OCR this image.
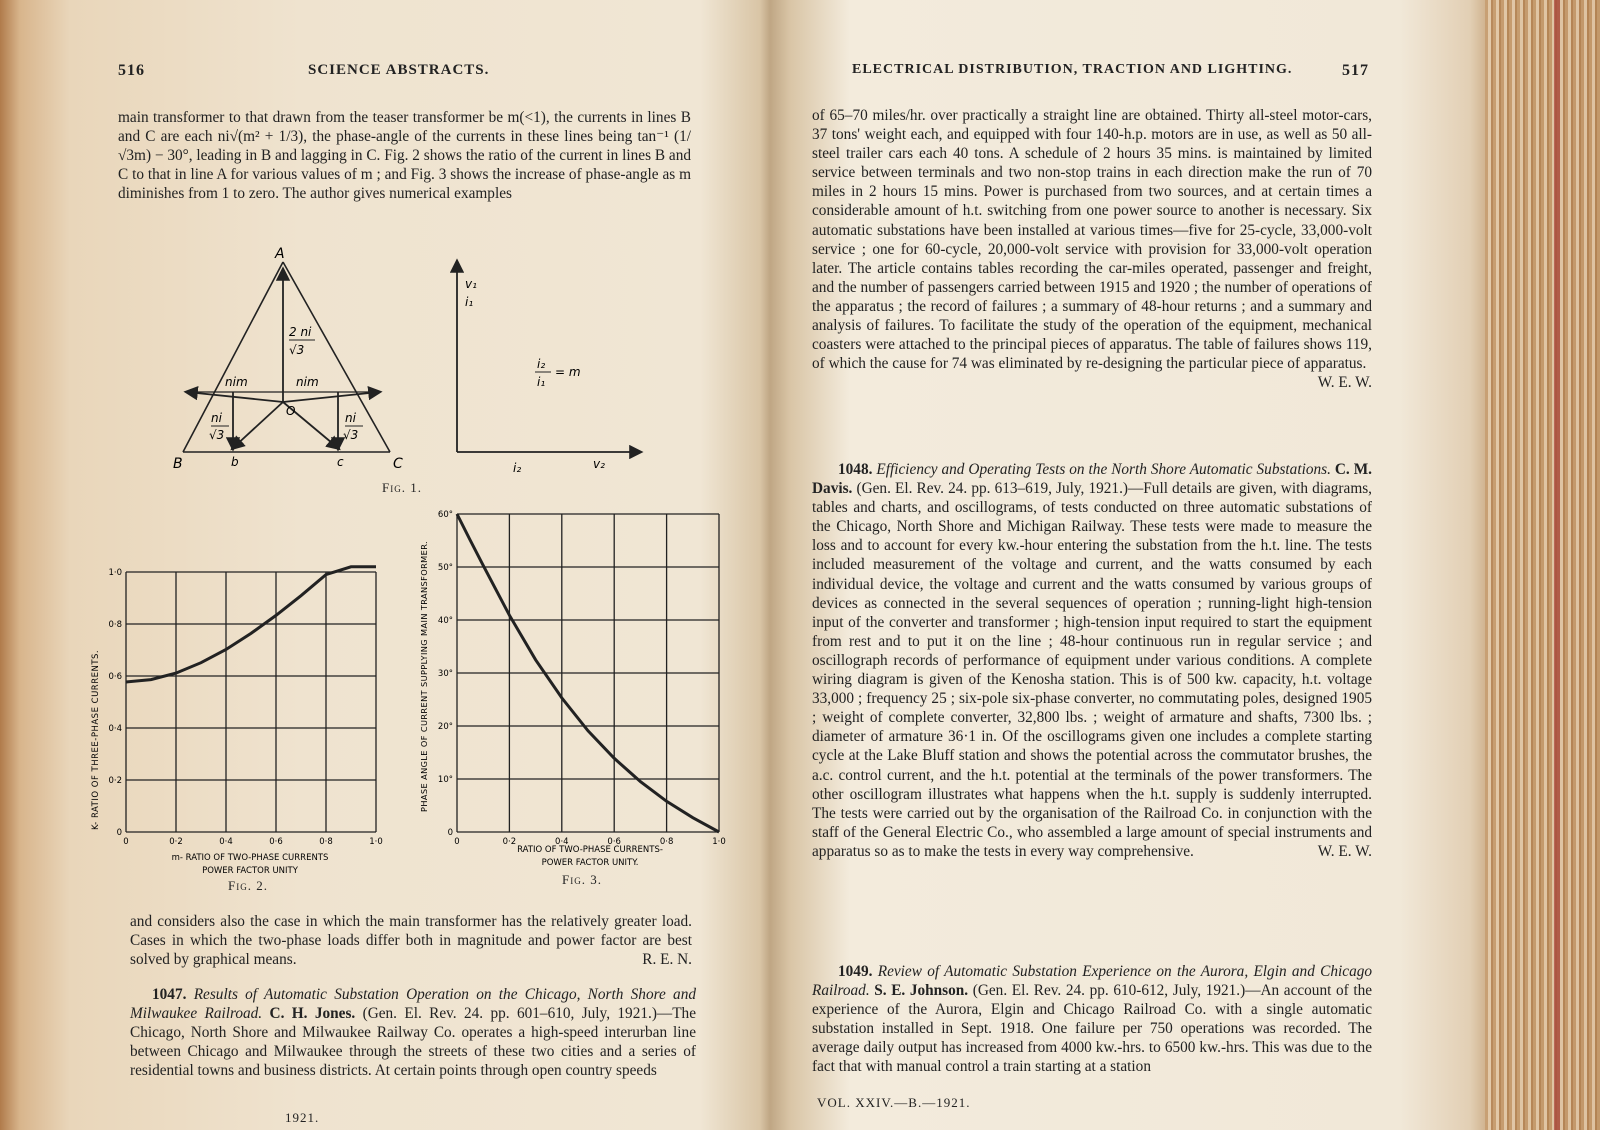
516	SCIENCE ABSTRACTS.

main transformer to that drawn from the teaser transformer be m(<1), the currents in lines B and C are each ni√(m² + 1/3), the phase-angle of the currents in these lines being tan⁻¹ (1/√3m) − 30°, leading in B and lagging in C. Fig. 2 shows the ratio of the current in lines B and C to that in line A for various values of m ; and Fig. 3 shows the increase of phase-angle as m diminishes from 1 to zero. The author gives numerical examples

A
B	C
b	c
O
2 ni
√3
nim	nim
ni
√3
ni
√3
v₁
i₁
i₂	v₂
i₂
i₁
= m
Fig. 1.
0	0·2	0·4	0·6	0·8	1·0
0
0·2
0·4
0·6
0·8
1·0
K- RATIO OF THREE-PHASE CURRENTS.
m- RATIO OF TWO-PHASE CURRENTS
POWER FACTOR UNITY
Fig. 2.
0	0·2	0·4	0·6	0·8	1·0
0
10°
20°
30°
40°
50°
60°
PHASE ANGLE OF CURRENT SUPPLYING MAIN TRANSFORMER.
RATIO OF TWO-PHASE CURRENTS-
POWER FACTOR UNITY.
Fig. 3.

and considers also the case in which the main transformer has the relatively greater load. Cases in which the two-phase loads differ both in magnitude and power factor are best solved by graphical means.	R. E. N.

1047. Results of Automatic Substation Operation on the Chicago, North Shore and Milwaukee Railroad. C. H. Jones. (Gen. El. Rev. 24. pp. 601–610, July, 1921.)—The Chicago, North Shore and Milwaukee Railway Co. operates a high-speed interurban line between Chicago and Milwaukee through the streets of these two cities and a series of residential towns and business districts. At certain points through open country speeds

1921.
ELECTRICAL DISTRIBUTION, TRACTION AND LIGHTING.	517

of 65–70 miles/hr. over practically a straight line are obtained. Thirty all-steel motor-cars, 37 tons' weight each, and equipped with four 140-h.p. motors are in use, as well as 50 all-steel trailer cars each 40 tons. A schedule of 2 hours 35 mins. is maintained by limited service between terminals and two non-stop trains in each direction make the run of 70 miles in 2 hours 15 mins. Power is purchased from two sources, and at certain times a considerable amount of h.t. switching from one power source to another is necessary. Six automatic substations have been installed at various times—five for 25-cycle, 33,000-volt service ; one for 60-cycle, 20,000-volt service with provision for 33,000-volt operation later. The article contains tables recording the car-miles operated, passenger and freight, and the number of passengers carried between 1915 and 1920 ; the number of operations of the apparatus ; the record of failures ; a summary of 48-hour returns ; and a summary and analysis of failures. To facilitate the study of the operation of the equipment, mechanical coasters were attached to the principal pieces of apparatus. The table of failures shows 119, of which the cause for 74 was eliminated by re-designing the particular piece of apparatus.
W. E. W.

1048. Efficiency and Operating Tests on the North Shore Automatic Substations. C. M. Davis. (Gen. El. Rev. 24. pp. 613–619, July, 1921.)—Full details are given, with diagrams, tables and charts, and oscillograms, of tests conducted on three automatic substations of the Chicago, North Shore and Michigan Railway. These tests were made to measure the loss and to account for every kw.-hour entering the substation from the h.t. line. The tests included measurement of the voltage and current, and the watts consumed by each individual device, the voltage and current and the watts consumed by various groups of devices as connected in the several sequences of operation ; running-light high-tension input of the converter and transformer ; high-tension input required to start the equipment from rest and to put it on the line ; 48-hour continuous run in regular service ; and oscillograph records of performance of equipment under various conditions. A complete wiring diagram is given of the Kenosha station. This is of 500 kw. capacity, h.t. voltage 33,000 ; frequency 25 ; six-pole six-phase converter, no commutating poles, designed 1905 ; weight of complete converter, 32,800 lbs. ; weight of armature and shafts, 7300 lbs. ; diameter of armature 36·1 in. Of the oscillograms given one includes a complete starting cycle at the Lake Bluff station and shows the potential across the commutator brushes, the a.c. control current, and the h.t. potential at the terminals of the power transformers. The other oscillogram illustrates what happens when the h.t. supply is suddenly interrupted. The tests were carried out by the organisation of the Railroad Co. in conjunction with the staff of the General Electric Co., who assembled a large amount of special instruments and apparatus so as to make the tests in every way comprehensive.	W. E. W.

1049. Review of Automatic Substation Experience on the Aurora, Elgin and Chicago Railroad. S. E. Johnson. (Gen. El. Rev. 24. pp. 610-612, July, 1921.)—An account of the experience of the Aurora, Elgin and Chicago Railroad Co. with a single automatic substation installed in Sept. 1918. One failure per 750 operations was recorded. The average daily output has increased from 4000 kw.-hrs. to 6500 kw.-hrs. This was due to the fact that with manual control a train starting at a station

VOL. XXIV.—B.—1921.
